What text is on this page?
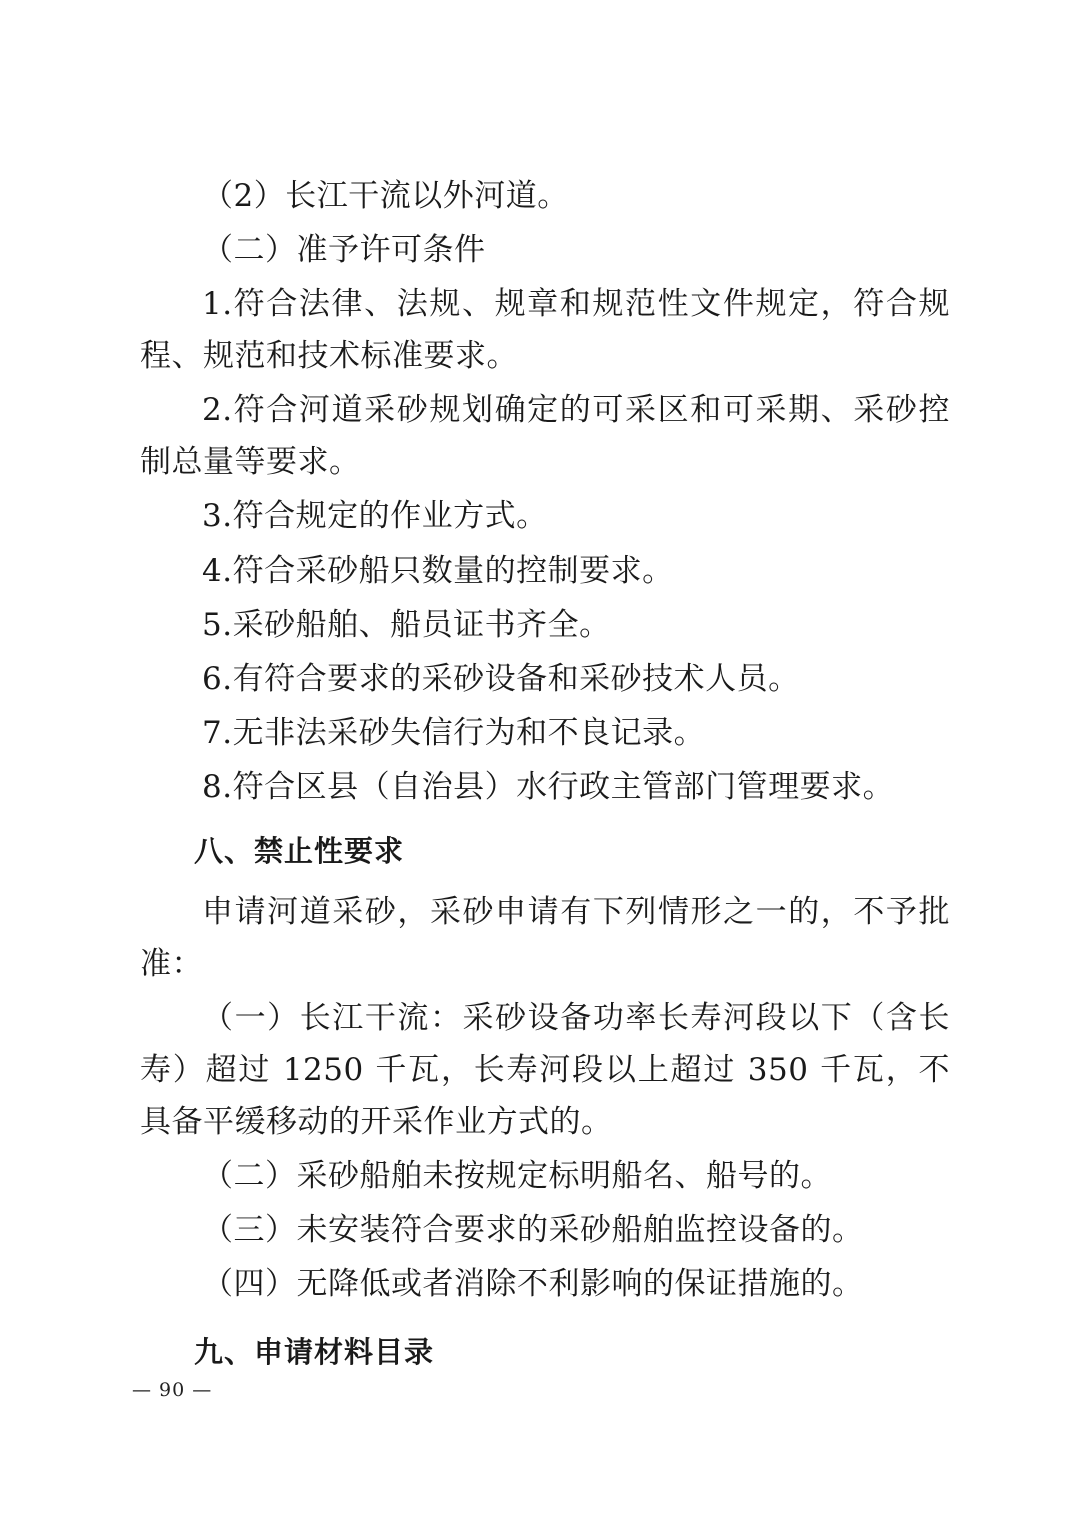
（2）长江干流以外河道。

（二）准予许可条件

1.符合法律、法规、规章和规范性文件规定，符合规程、规范和技术标准要求。

2.符合河道采砂规划确定的可采区和可采期、采砂控制总量等要求。

3.符合规定的作业方式。

4.符合采砂船只数量的控制要求。

5.采砂船舶、船员证书齐全。

6.有符合要求的采砂设备和采砂技术人员。

7.无非法采砂失信行为和不良记录。

8.符合区县（自治县）水行政主管部门管理要求。

八、禁止性要求

申请河道采砂，采砂申请有下列情形之一的，不予批准：

（一）长江干流：采砂设备功率长寿河段以下（含长寿）超过 1250 千瓦，长寿河段以上超过 350 千瓦，不具备平缓移动的开采作业方式的。

（二）采砂船舶未按规定标明船名、船号的。

（三）未安装符合要求的采砂船舶监控设备的。

（四）无降低或者消除不利影响的保证措施的。

九、申请材料目录
— 90 —
